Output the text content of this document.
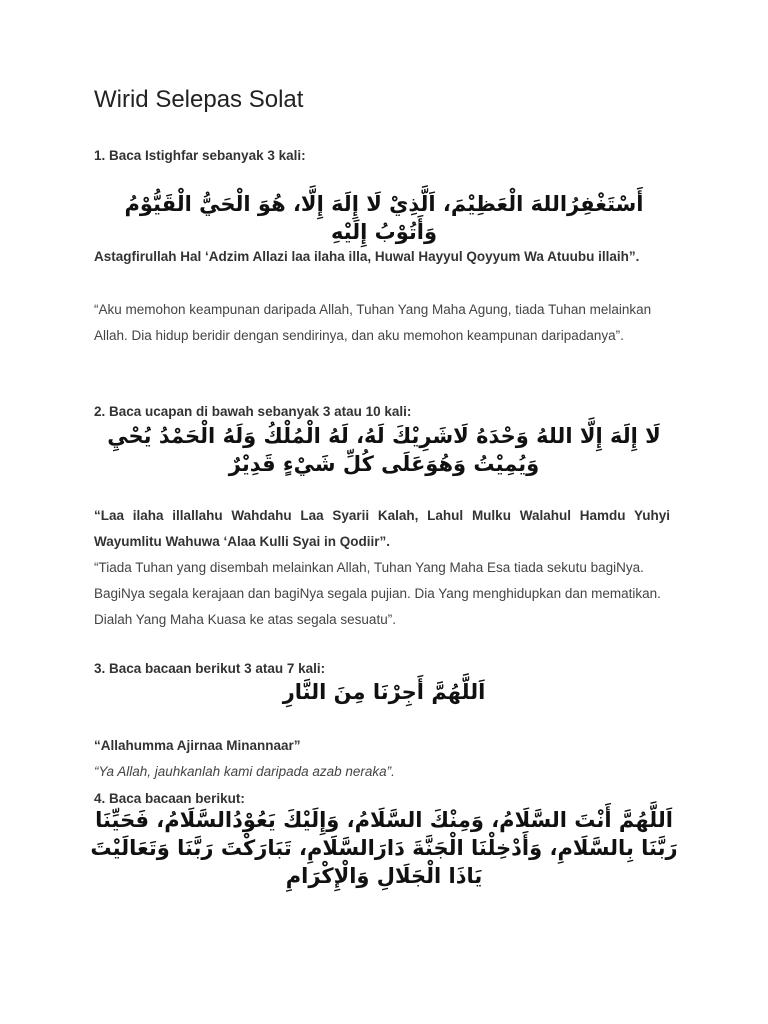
Wirid Selepas Solat
1. Baca Istighfar sebanyak 3 kali:
أَسْتَغْفِرُاللهَ الْعَظِيْمَ، اَلَّذِيْ لَا إِلَهَ إِلَّا، هُوَ الْحَيُّ الْقَيُّوْمُ وَأَتُوْبُ إِلَيْهِ
Astagfirullah Hal ‘Adzim Allazi laa ilaha illa, Huwal Hayyul Qoyyum Wa Atuubu illaih”.
“Aku memohon keampunan daripada Allah, Tuhan Yang Maha Agung, tiada Tuhan melainkan Allah. Dia hidup beridir dengan sendirinya, dan aku memohon keampunan daripadanya”.
2. Baca ucapan di bawah sebanyak 3 atau 10 kali:
لَا إِلَهَ إِلَّا اللهُ وَحْدَهُ لَاشَرِيْكَ لَهُ، لَهُ الْمُلْكُ وَلَهُ الْحَمْدُ يُحْيِ وَيُمِيْتُ وَهُوَعَلَى كُلِّ شَيْءٍ قَدِيْرٌ
“Laa ilaha illallahu Wahdahu Laa Syarii Kalah, Lahul Mulku Walahul Hamdu Yuhyi Wayumlitu Wahuwa ‘Alaa Kulli Syai in Qodiir”.
“Tiada Tuhan yang disembah melainkan Allah, Tuhan Yang Maha Esa tiada sekutu bagiNya. BagiNya segala kerajaan dan bagiNya segala pujian. Dia Yang menghidupkan dan mematikan. Dialah Yang Maha Kuasa ke atas segala sesuatu”.
3. Baca bacaan berikut 3 atau 7 kali:
اَللَّهُمَّ أَجِرْنَا مِنَ النَّارِ
“Allahumma Ajirnaa Minannaar”
“Ya Allah, jauhkanlah kami daripada azab neraka”.
4. Baca bacaan berikut:
اَللَّهُمَّ أَنْتَ السَّلَامُ، وَمِنْكَ السَّلَامُ، وَإِلَيْكَ يَعُوْدُالسَّلَامُ، فَحَيِّنَا رَبَّنَا بِالسَّلَامِ، وَأَدْخِلْنَا الْجَنَّةَ دَارَالسَّلَامِ، تَبَارَكْتَ رَبَّنَا وَتَعَالَيْتَ يَاذَا الْجَلَالِ وَالْإِكْرَامِ
